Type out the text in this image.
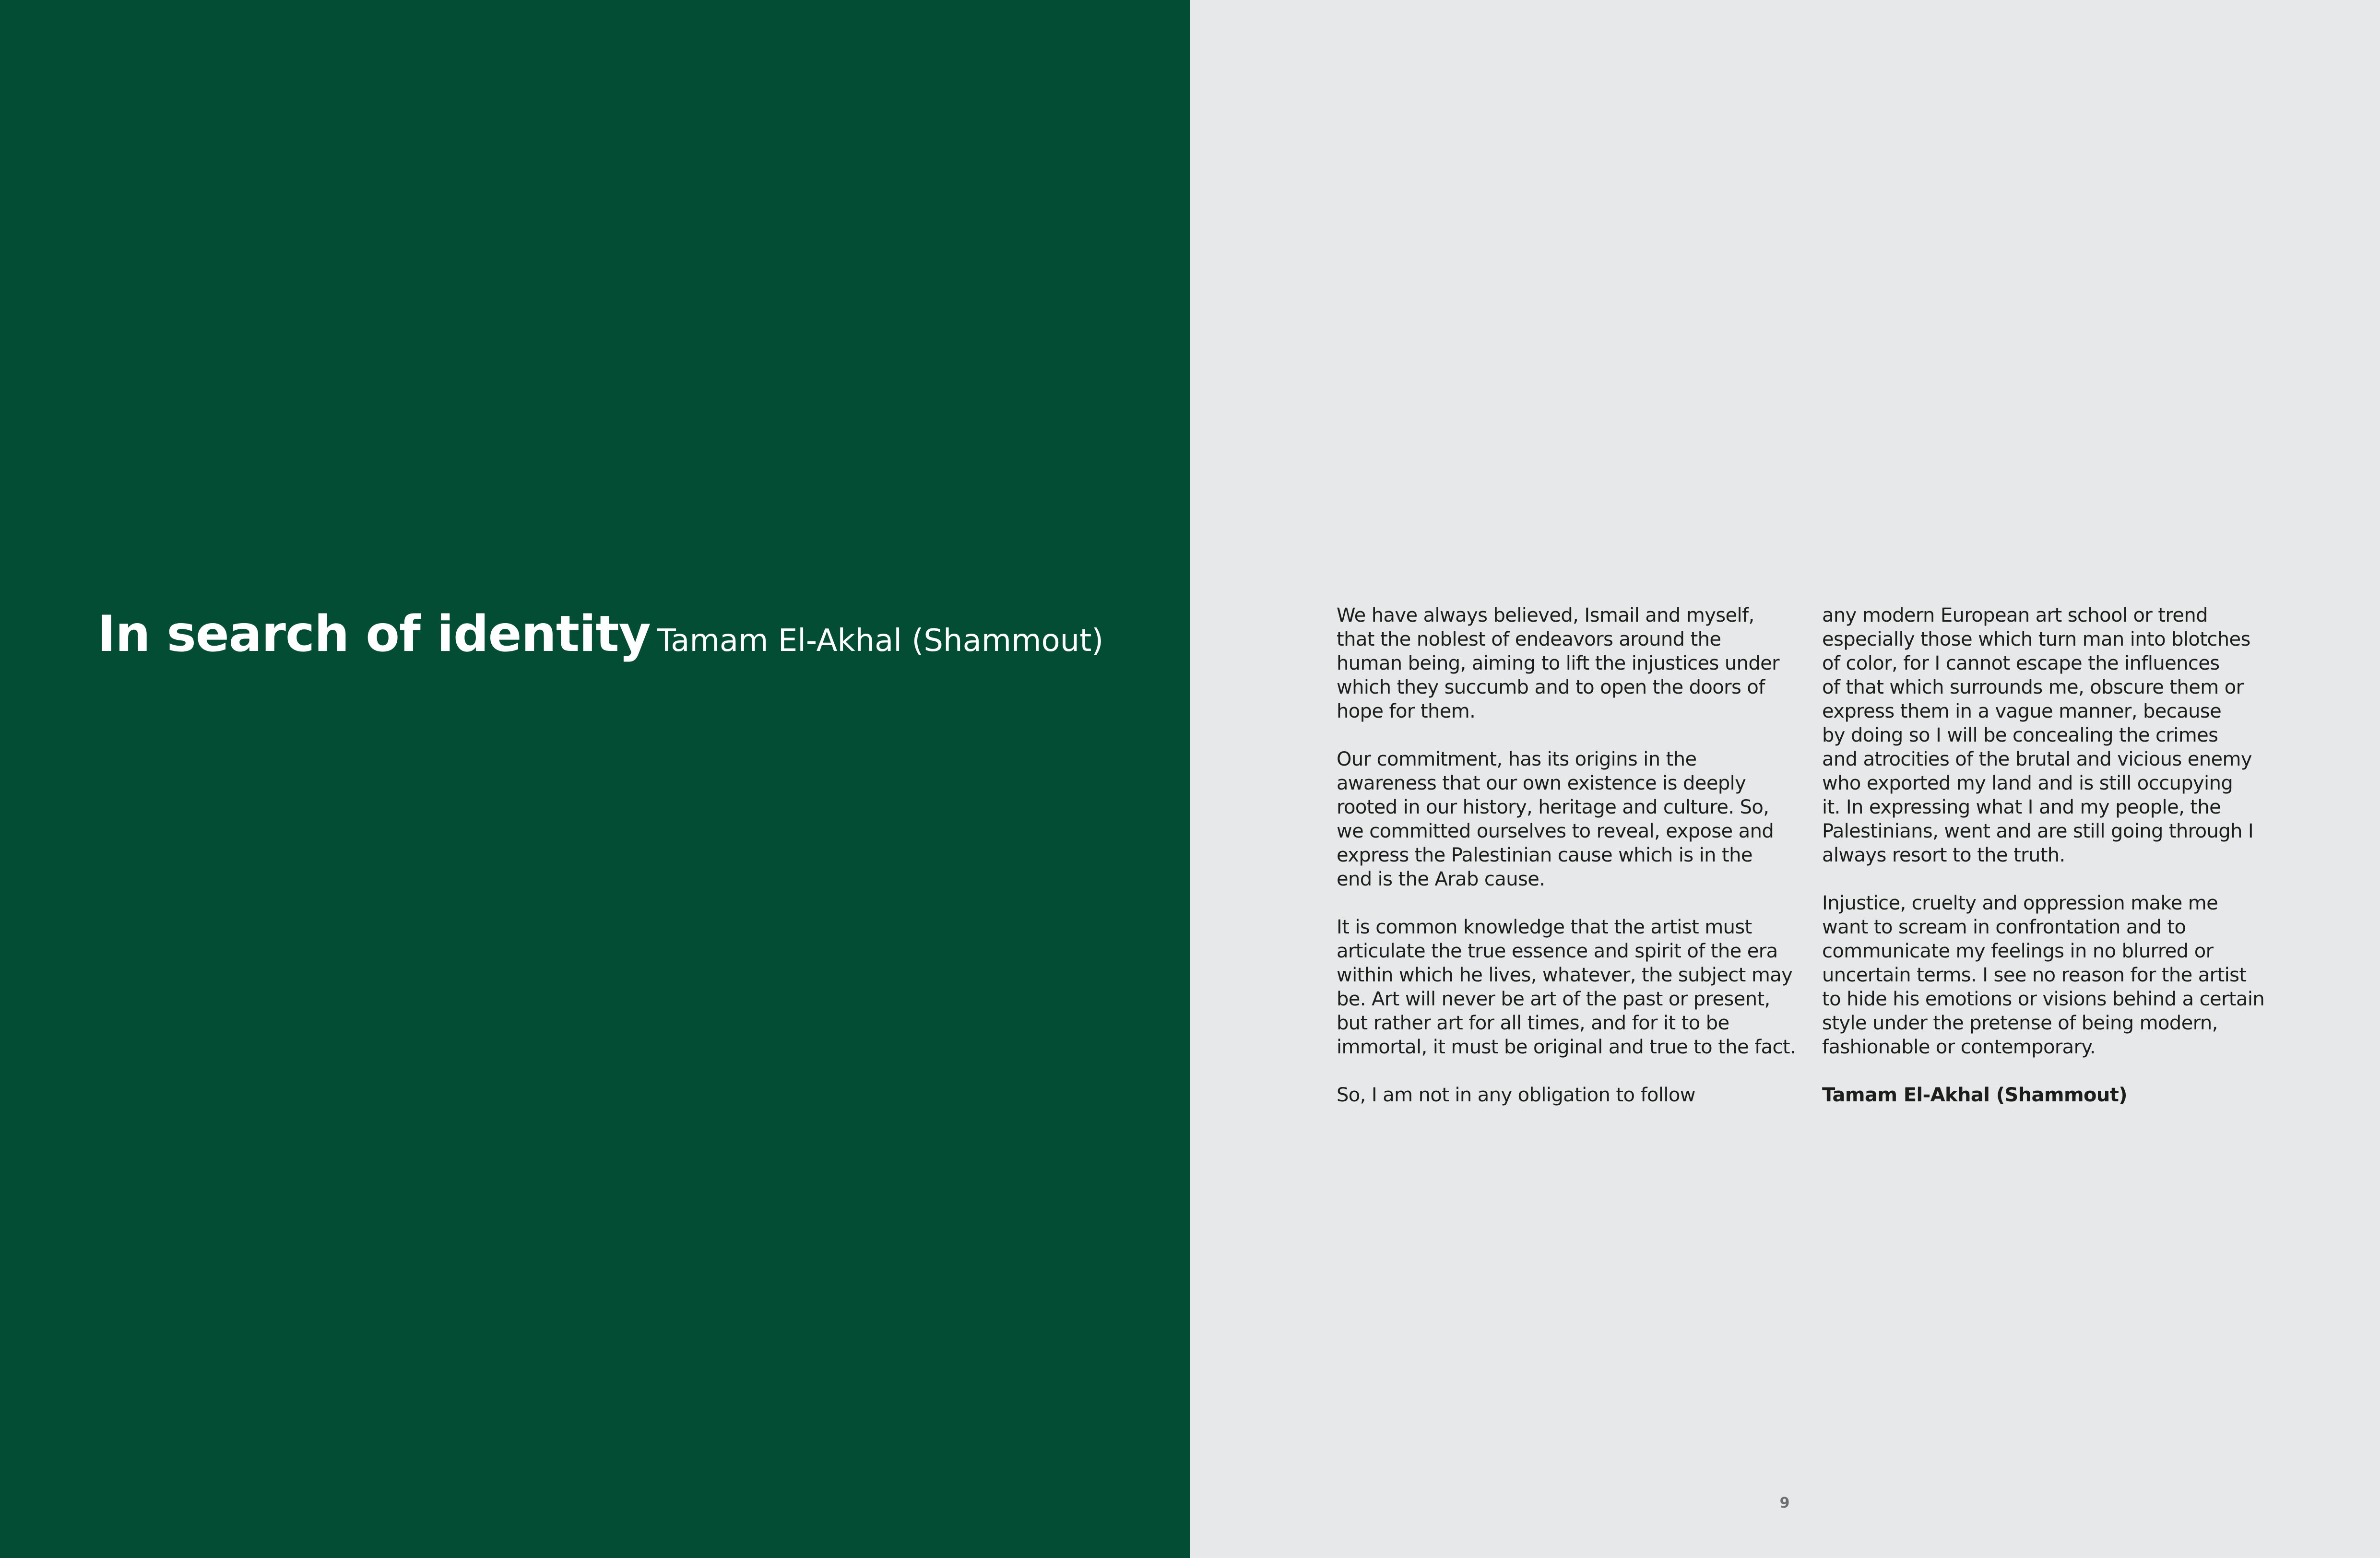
In search of identity Tamam El-Akhal (Shammout)

We have always believed, Ismail and myself,
that the noblest of endeavors around the
human being, aiming to lift the injustices under
which they succumb and to open the doors of
hope for them.

Our commitment, has its origins in the
awareness that our own existence is deeply
rooted in our history, heritage and culture. So,
we committed ourselves to reveal, expose and
express the Palestinian cause which is in the
end is the Arab cause.

It is common knowledge that the artist must
articulate the true essence and spirit of the era
within which he lives, whatever, the subject may
be. Art will never be art of the past or present,
but rather art for all times, and for it to be
immortal, it must be original and true to the fact.

So, I am not in any obligation to follow

any modern European art school or trend
especially those which turn man into blotches
of color, for I cannot escape the influences
of that which surrounds me, obscure them or
express them in a vague manner, because
by doing so I will be concealing the crimes
and atrocities of the brutal and vicious enemy
who exported my land and is still occupying
it. In expressing what I and my people, the
Palestinians, went and are still going through I
always resort to the truth.

Injustice, cruelty and oppression make me
want to scream in confrontation and to
communicate my feelings in no blurred or
uncertain terms. I see no reason for the artist
to hide his emotions or visions behind a certain
style under the pretense of being modern,
fashionable or contemporary.

Tamam El-Akhal (Shammout)

9
